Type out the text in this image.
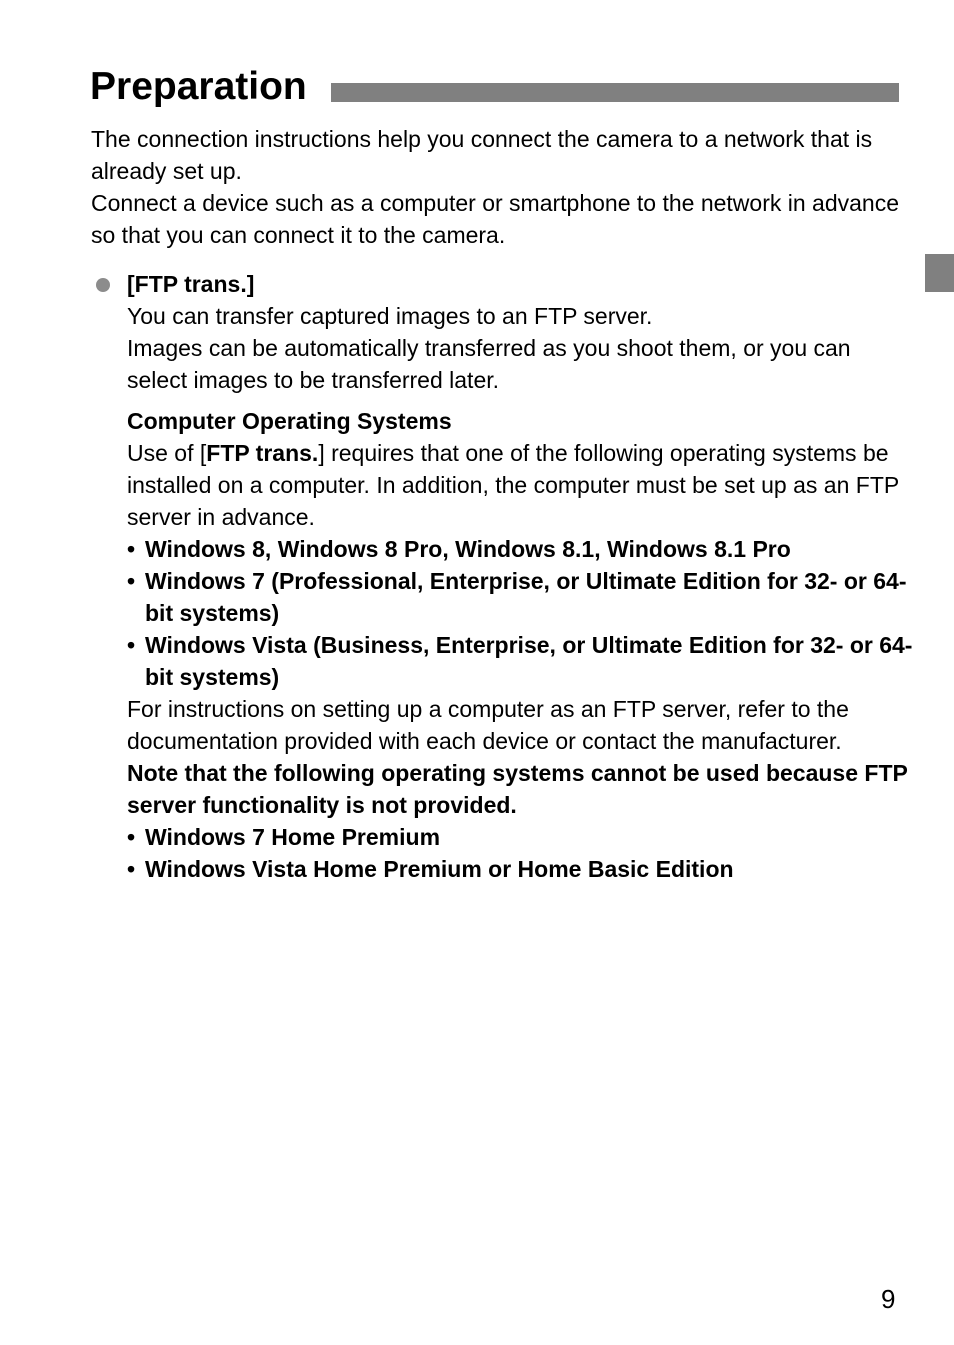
Preparation

The connection instructions help you connect the camera to a network that is already set up.

Connect a device such as a computer or smartphone to the network in advance so that you can connect it to the camera.

[FTP trans.]
You can transfer captured images to an FTP server.
Images can be automatically transferred as you shoot them, or you can select images to be transferred later.
Computer Operating Systems
Use of [FTP trans.] requires that one of the following operating systems be installed on a computer. In addition, the computer must be set up as an FTP server in advance.
• Windows 8, Windows 8 Pro, Windows 8.1, Windows 8.1 Pro
• Windows 7 (Professional, Enterprise, or Ultimate Edition for 32- or 64-bit systems)
• Windows Vista (Business, Enterprise, or Ultimate Edition for 32- or 64-bit systems)
For instructions on setting up a computer as an FTP server, refer to the documentation provided with each device or contact the manufacturer.
Note that the following operating systems cannot be used because FTP server functionality is not provided.
• Windows 7 Home Premium
• Windows Vista Home Premium or Home Basic Edition
9
